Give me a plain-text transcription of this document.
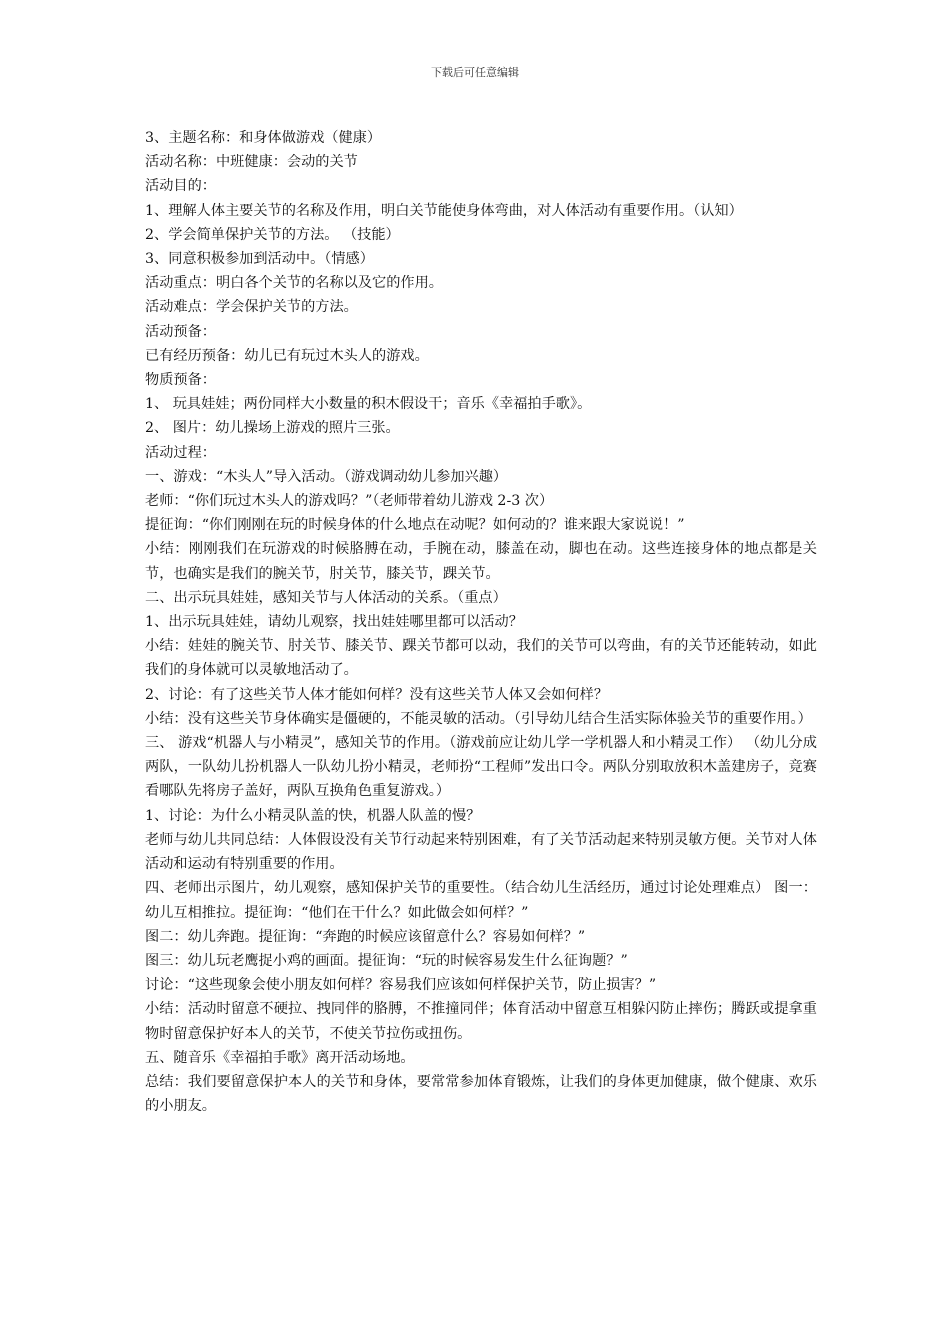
下载后可任意编辑

3、主题名称：和身体做游戏（健康）

活动名称：中班健康：会动的关节

活动目的：

1、理解人体主要关节的名称及作用，明白关节能使身体弯曲，对人体活动有重要作用。（认知）

2、学会简单保护关节的方法。 （技能）

3、同意积极参加到活动中。（情感）

活动重点：明白各个关节的名称以及它的作用。

活动难点：学会保护关节的方法。

活动预备：

已有经历预备：幼儿已有玩过木头人的游戏。

物质预备：

1、 玩具娃娃；两份同样大小数量的积木假设干；音乐《幸福拍手歌》。

2、 图片：幼儿操场上游戏的照片三张。

活动过程：

一、游戏：“木头人”导入活动。（游戏调动幼儿参加兴趣）

老师：“你们玩过木头人的游戏吗？”（老师带着幼儿游戏 2-3 次）

提征询：“你们刚刚在玩的时候身体的什么地点在动呢？如何动的？谁来跟大家说说！”

小结：刚刚我们在玩游戏的时候胳膊在动，手腕在动，膝盖在动，脚也在动。这些连接身体的地点都是关节，也确实是我们的腕关节，肘关节，膝关节，踝关节。

二、出示玩具娃娃，感知关节与人体活动的关系。（重点）

1、出示玩具娃娃，请幼儿观察，找出娃娃哪里都可以活动？

小结：娃娃的腕关节、肘关节、膝关节、踝关节都可以动，我们的关节可以弯曲，有的关节还能转动，如此我们的身体就可以灵敏地活动了。

2、讨论：有了这些关节人体才能如何样？没有这些关节人体又会如何样？

小结：没有这些关节身体确实是僵硬的，不能灵敏的活动。（引导幼儿结合生活实际体验关节的重要作用。）

三、 游戏“机器人与小精灵”，感知关节的作用。（游戏前应让幼儿学一学机器人和小精灵工作） （幼儿分成两队，一队幼儿扮机器人一队幼儿扮小精灵，老师扮“工程师”发出口令。两队分别取放积木盖建房子，竞赛看哪队先将房子盖好，两队互换角色重复游戏。）

1、讨论：为什么小精灵队盖的快，机器人队盖的慢？

老师与幼儿共同总结：人体假设没有关节行动起来特别困难，有了关节活动起来特别灵敏方便。关节对人体活动和运动有特别重要的作用。

四、老师出示图片，幼儿观察，感知保护关节的重要性。（结合幼儿生活经历，通过讨论处理难点） 图一：幼儿互相推拉。提征询：“他们在干什么？如此做会如何样？”

图二：幼儿奔跑。提征询：“奔跑的时候应该留意什么？容易如何样？”

图三：幼儿玩老鹰捉小鸡的画面。提征询：“玩的时候容易发生什么征询题？”

讨论：“这些现象会使小朋友如何样？容易我们应该如何样保护关节，防止损害？”

小结：活动时留意不硬拉、拽同伴的胳膊，不推撞同伴；体育活动中留意互相躲闪防止摔伤；腾跃或提拿重物时留意保护好本人的关节，不使关节拉伤或扭伤。

五、随音乐《幸福拍手歌》离开活动场地。

总结：我们要留意保护本人的关节和身体，要常常参加体育锻炼，让我们的身体更加健康，做个健康、欢乐的小朋友。
